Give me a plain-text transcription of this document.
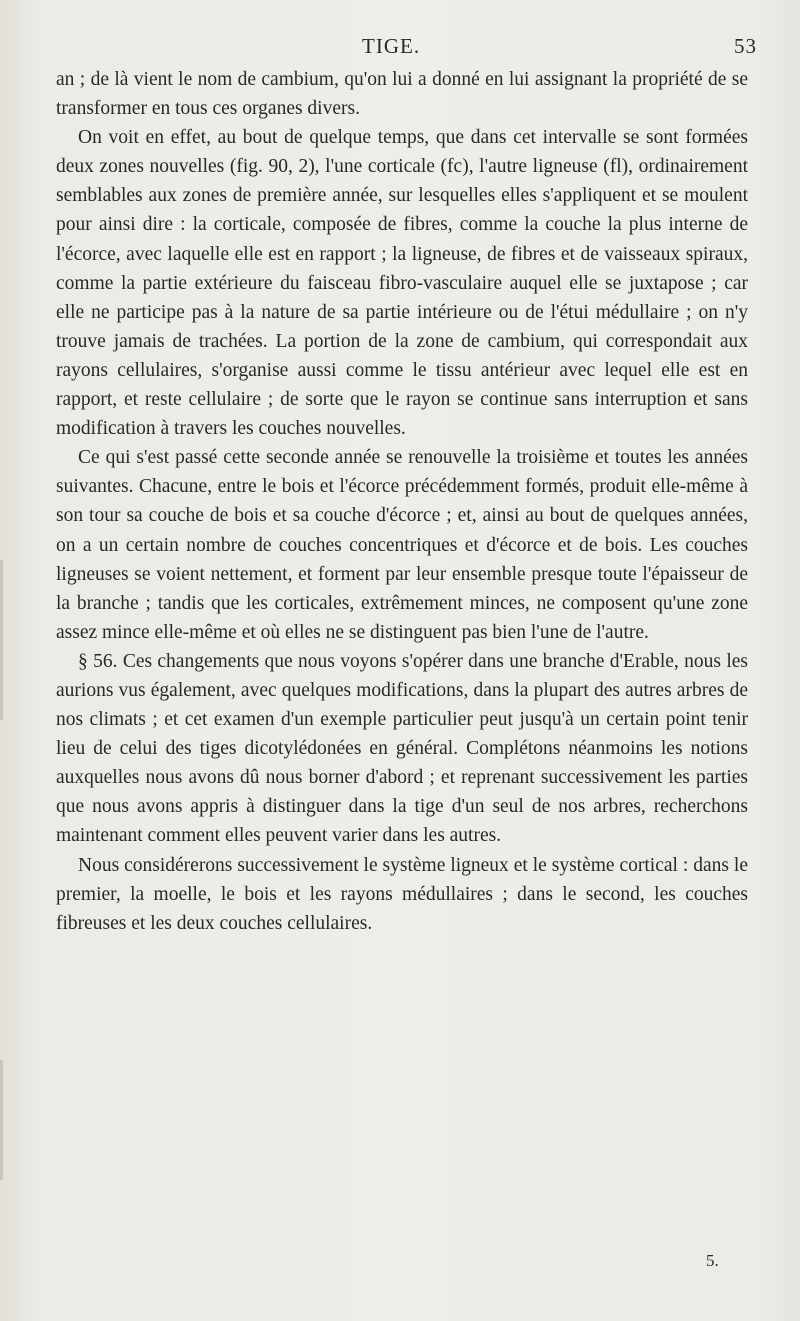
TIGE.	53

an ; de là vient le nom de cambium, qu'on lui a donné en lui assignant la propriété de se transformer en tous ces organes divers.

On voit en effet, au bout de quelque temps, que dans cet intervalle se sont formées deux zones nouvelles (fig. 90, 2), l'une corticale (fc), l'autre ligneuse (fl), ordinairement semblables aux zones de première année, sur lesquelles elles s'appliquent et se moulent pour ainsi dire : la corticale, composée de fibres, comme la couche la plus interne de l'écorce, avec laquelle elle est en rapport ; la ligneuse, de fibres et de vaisseaux spiraux, comme la partie extérieure du faisceau fibro-vasculaire auquel elle se juxtapose ; car elle ne participe pas à la nature de sa partie intérieure ou de l'étui médullaire ; on n'y trouve jamais de trachées. La portion de la zone de cambium, qui correspondait aux rayons cellulaires, s'organise aussi comme le tissu antérieur avec lequel elle est en rapport, et reste cellulaire ; de sorte que le rayon se continue sans interruption et sans modification à travers les couches nouvelles.

Ce qui s'est passé cette seconde année se renouvelle la troisième et toutes les années suivantes. Chacune, entre le bois et l'écorce précédemment formés, produit elle-même à son tour sa couche de bois et sa couche d'écorce ; et, ainsi au bout de quelques années, on a un certain nombre de couches concentriques et d'écorce et de bois. Les couches ligneuses se voient nettement, et forment par leur ensemble presque toute l'épaisseur de la branche ; tandis que les corticales, extrêmement minces, ne composent qu'une zone assez mince elle-même et où elles ne se distinguent pas bien l'une de l'autre.

§ 56. Ces changements que nous voyons s'opérer dans une branche d'Erable, nous les aurions vus également, avec quelques modifications, dans la plupart des autres arbres de nos climats ; et cet examen d'un exemple particulier peut jusqu'à un certain point tenir lieu de celui des tiges dicotylédonées en général. Complétons néanmoins les notions auxquelles nous avons dû nous borner d'abord ; et reprenant successivement les parties que nous avons appris à distinguer dans la tige d'un seul de nos arbres, recherchons maintenant comment elles peuvent varier dans les autres.

Nous considérerons successivement le système ligneux et le système cortical : dans le premier, la moelle, le bois et les rayons médullaires ; dans le second, les couches fibreuses et les deux couches cellulaires.

5.
